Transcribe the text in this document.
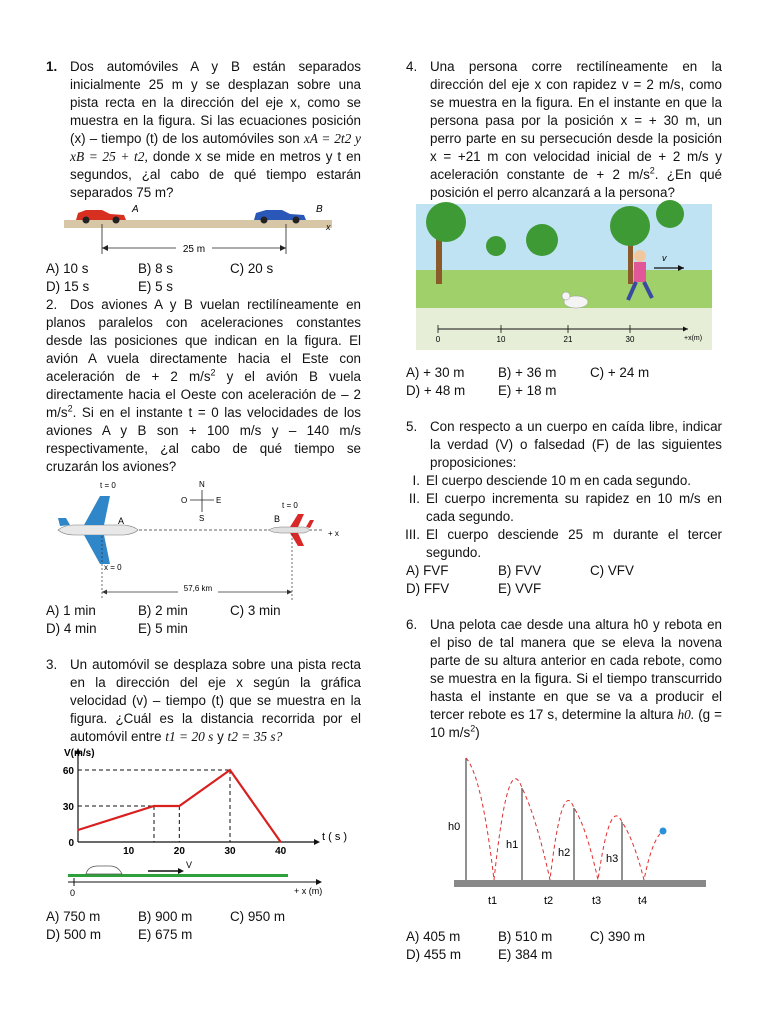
1. Dos automóviles A y B están separados inicialmente 25 m y se desplazan sobre una pista recta en la dirección del eje x, como se muestra en la figura. Si las ecuaciones posición (x) – tiempo (t) de los automóviles son xA = 2t2 y xB = 25 + t2, donde x se mide en metros y t en segundos, ¿al cabo de qué tiempo estarán separados 75 m?
A	B
x
25 m
A) 10 s	B) 8 s	C) 20 s
D) 15 s	E) 5 s
2. Dos aviones A y B vuelan rectilíneamente en planos paralelos con aceleraciones constantes desde las posiciones que indican en la figura. El avión A vuela directamente hacia el Este con aceleración de + 2 $m/s^2$ y el avión B vuela directamente hacia el Oeste con aceleración de – 2 $m/s^2$. Si en el instante t = 0 las velocidades de los aviones A y B son + 100 m/s y – 140 m/s respectivamente, ¿al cabo de qué tiempo se cruzarán los aviones?
N
S
E
O
t = 0
A
x = 0
t = 0
B
+ x
57,6 km
A) 1 min	B) 2 min	C) 3 min
D) 4 min	E) 5 min
3. Un automóvil se desplaza sobre una pista recta en la dirección del eje x según la gráfica velocidad (v) – tiempo (t) que se muestra en la figura. ¿Cuál es la distancia recorrida por el automóvil entre t1 = 20 s y t2 = 35 s?
0
30
60
10	20	30	40
V(m/s)
t ( s )
0	+ x (m)
V
A) 750 m	B) 900 m	C) 950 m
D) 500 m	E) 675 m
4. Una persona corre rectilíneamente en la dirección del eje x con rapidez v = 2 m/s, como se muestra en la figura. En el instante en que la persona pasa por la posición x = + 30 m, un perro parte en su persecución desde la posición x = +21 m con velocidad inicial de + 2 m/s y aceleración constante de + 2 $m/s^2$. ¿En qué posición el perro alcanzará a la persona?
v
0	10	21	30	+x(m)
A) + 30 m	B) + 36 m	C) + 24 m
D) + 48 m	E) + 18 m
5. Con respecto a un cuerpo en caída libre, indicar la verdad (V) o falsedad (F) de las siguientes proposiciones:
I. El cuerpo desciende 10 m en cada segundo.
II. El cuerpo incrementa su rapidez en 10 m/s en cada segundo.
III. El cuerpo desciende 25 m durante el tercer segundo.
A) FVF	B) FVV	C) VFV
D) FFV	E) VVF
6. Una pelota cae desde una altura h0 y rebota en el piso de tal manera que se eleva la novena parte de su altura anterior en cada rebote, como se muestra en la figura. Si el tiempo transcurrido hasta el instante en que se va a producir el tercer rebote es 17 s, determine la altura h0. (g = 10 $m/s^2$)
h0
h1
h2	h3
t1	t2	t3	t4
A) 405 m	B) 510 m	C) 390 m
D) 455 m	E) 384 m
